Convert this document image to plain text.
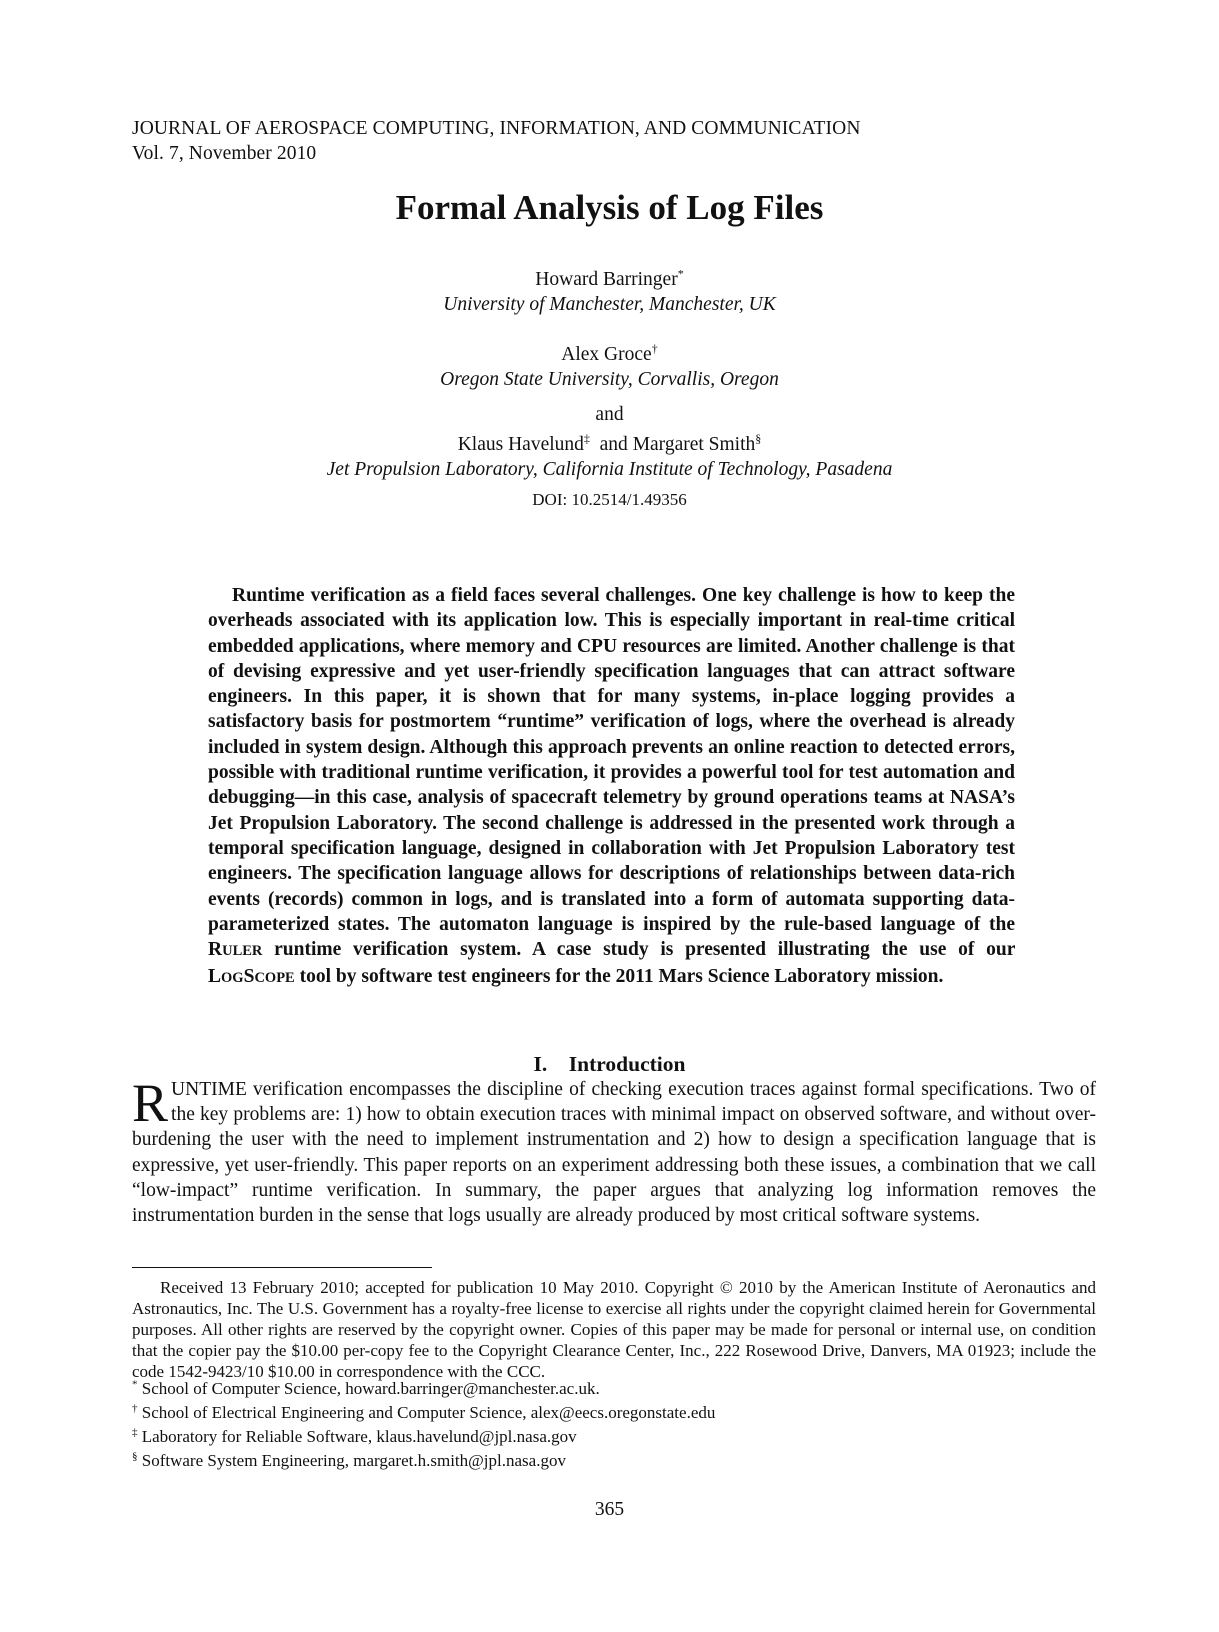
JOURNAL OF AEROSPACE COMPUTING, INFORMATION, AND COMMUNICATION
Vol. 7, November 2010
Formal Analysis of Log Files
Howard Barringer*
University of Manchester, Manchester, UK
Alex Groce†
Oregon State University, Corvallis, Oregon
and
Klaus Havelund‡ and Margaret Smith§
Jet Propulsion Laboratory, California Institute of Technology, Pasadena
DOI: 10.2514/1.49356

Runtime verification as a field faces several challenges. One key challenge is how to keep the overheads associated with its application low. This is especially important in real-time critical embedded applications, where memory and CPU resources are limited. Another challenge is that of devising expressive and yet user-friendly specification languages that can attract software engineers. In this paper, it is shown that for many systems, in-place logging provides a satisfactory basis for postmortem “runtime” verification of logs, where the overhead is already included in system design. Although this approach prevents an online reaction to detected errors, possible with traditional runtime verification, it provides a powerful tool for test automation and debugging—in this case, analysis of spacecraft telemetry by ground operations teams at NASA’s Jet Propulsion Laboratory. The second challenge is addressed in the presented work through a temporal specification language, designed in collaboration with Jet Propulsion Laboratory test engineers. The specification language allows for descriptions of relationships between data-rich events (records) common in logs, and is translated into a form of automata supporting data-parameterized states. The automaton language is inspired by the rule-based language of the RULER runtime verification system. A case study is presented illustrating the use of our LOGSCOPE tool by software test engineers for the 2011 Mars Science Laboratory mission.

I. Introduction

RUNTIME verification encompasses the discipline of checking execution traces against formal specifications. Two of the key problems are: 1) how to obtain execution traces with minimal impact on observed software, and without over-burdening the user with the need to implement instrumentation and 2) how to design a specification language that is expressive, yet user-friendly. This paper reports on an experiment addressing both these issues, a combination that we call “low-impact” runtime verification. In summary, the paper argues that analyzing log information removes the instrumentation burden in the sense that logs usually are already produced by most critical software systems.

Received 13 February 2010; accepted for publication 10 May 2010. Copyright © 2010 by the American Institute of Aeronautics and Astronautics, Inc. The U.S. Government has a royalty-free license to exercise all rights under the copyright claimed herein for Governmental purposes. All other rights are reserved by the copyright owner. Copies of this paper may be made for personal or internal use, on condition that the copier pay the $10.00 per-copy fee to the Copyright Clearance Center, Inc., 222 Rosewood Drive, Danvers, MA 01923; include the code 1542-9423/10 $10.00 in correspondence with the CCC.

* School of Computer Science, howard.barringer@manchester.ac.uk.
† School of Electrical Engineering and Computer Science, alex@eecs.oregonstate.edu
‡ Laboratory for Reliable Software, klaus.havelund@jpl.nasa.gov
§ Software System Engineering, margaret.h.smith@jpl.nasa.gov
365
